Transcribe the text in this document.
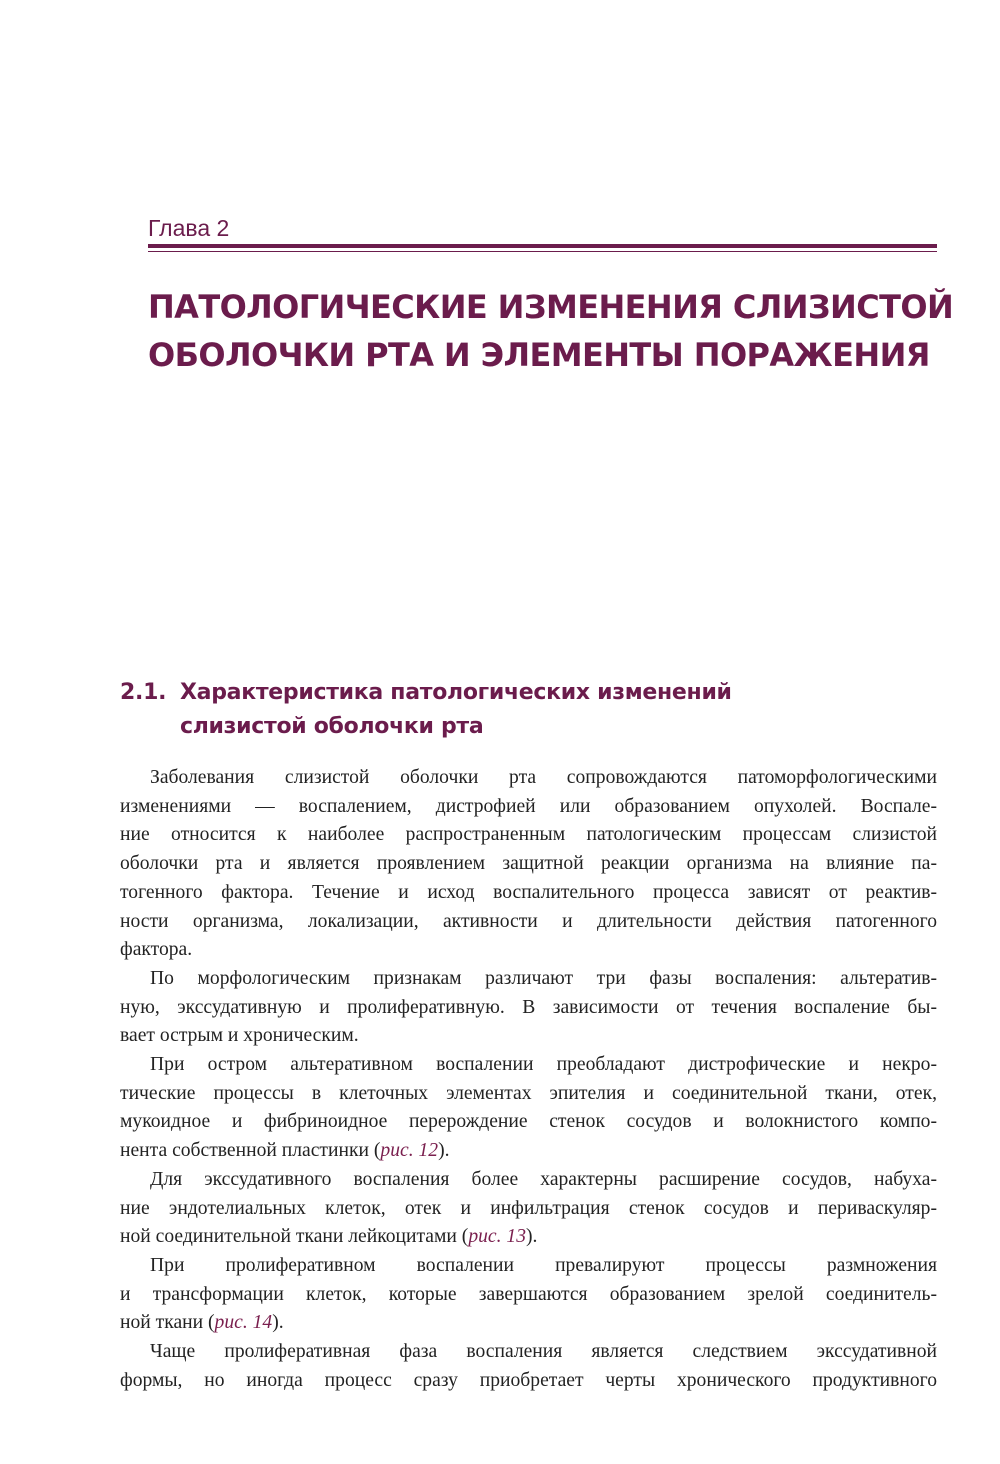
Глава 2
ПАТОЛОГИЧЕСКИЕ ИЗМЕНЕНИЯ СЛИЗИСТОЙ
ОБОЛОЧКИ РТА И ЭЛЕМЕНТЫ ПОРАЖЕНИЯ
2.1. Характеристика патологических изменений
слизистой оболочки рта
Заболевания слизистой оболочки рта сопровождаются патоморфологическими
изменениями — воспалением, дистрофией или образованием опухолей. Воспале-
ние относится к наиболее распространенным патологическим процессам слизистой
оболочки рта и является проявлением защитной реакции организма на влияние па-
тогенного фактора. Течение и исход воспалительного процесса зависят от реактив-
ности организма, локализации, активности и длительности действия патогенного
фактора.
По морфологическим признакам различают три фазы воспаления: альтератив-
ную, экссудативную и пролиферативную. В зависимости от течения воспаление бы-
вает острым и хроническим.
При остром альтеративном воспалении преобладают дистрофические и некро-
тические процессы в клеточных элементах эпителия и соединительной ткани, отек,
мукоидное и фибриноидное перерождение стенок сосудов и волокнистого компо-
нента собственной пластинки (рис. 12).
Для экссудативного воспаления более характерны расширение сосудов, набуха-
ние эндотелиальных клеток, отек и инфильтрация стенок сосудов и периваскуляр-
ной соединительной ткани лейкоцитами (рис. 13).
При пролиферативном воспалении превалируют процессы размножения
и трансформации клеток, которые завершаются образованием зрелой соединитель-
ной ткани (рис. 14).
Чаще пролиферативная фаза воспаления является следствием экссудативной
формы, но иногда процесс сразу приобретает черты хронического продуктивного
